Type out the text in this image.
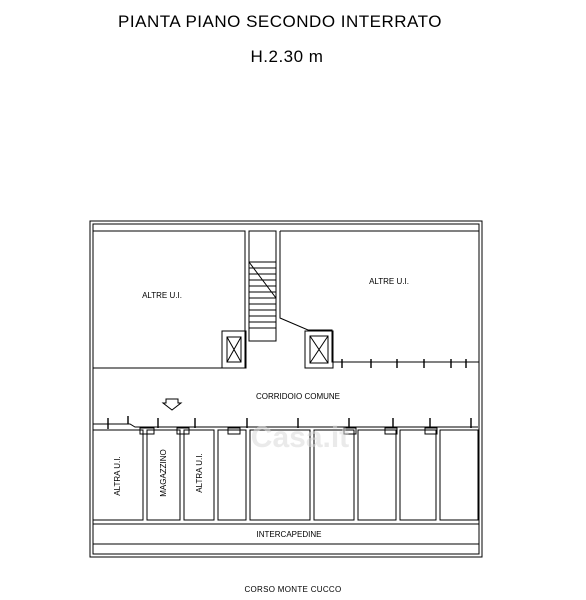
PIANTA PIANO SECONDO INTERRATO
H.2.30 m
ALTRE U.I.
ALTRE U.I.
CORRIDOIO COMUNE
ALTRA U.I.	MAGAZZINO	ALTRA U.I.
INTERCAPEDINE
Casa.it
CORSO MONTE CUCCO
